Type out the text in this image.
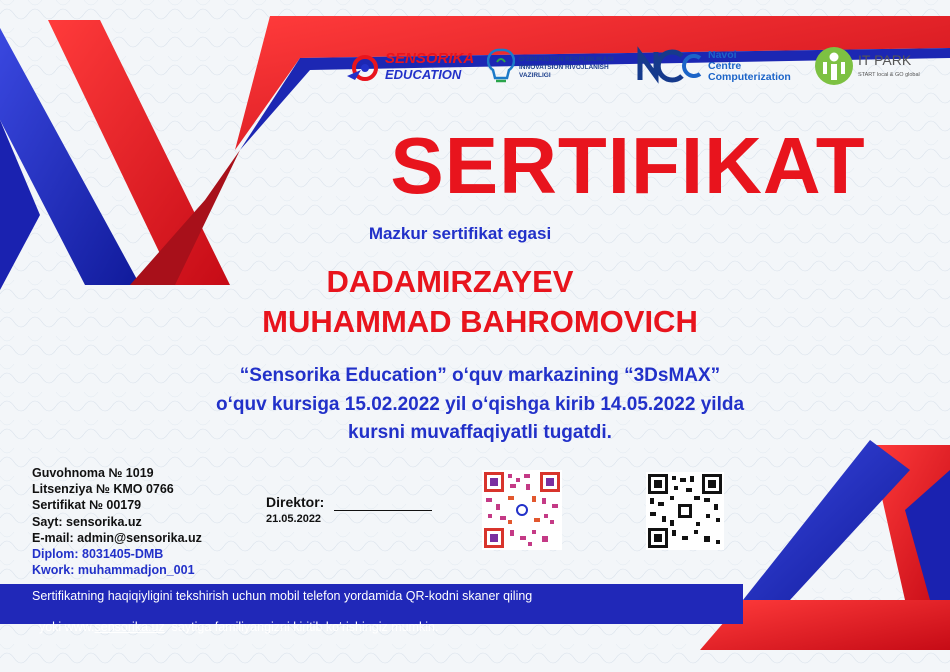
SENSORIKA
EDUCATION
O‘ZBEKISTON RESPUBLIKASI
INNOVATSION RIVOJLANISH
VAZIRLIGI
Navoi
Centre
Computerization
IT PARK
START local & GO global
SERTIFIKAT
Mazkur sertifikat egasi
DADAMIRZAYEV
MUHAMMAD BAHROMOVICH
“Sensorika Education” o‘quv markazining “3DsMAX”
o‘quv kursiga 15.02.2022 yil o‘qishga kirib 14.05.2022 yilda
kursni muvaffaqiyatli tugatdi.
Guvohnoma № 1019
Litsenziya № KMO 0766
Sertifikat № 00179
Sayt: sensorika.uz
E-mail: admin@sensorika.uz
Diplom: 8031405-DMB
Kwork: muhammadjon_001
Direktor:
21.05.2022
Sertifikatning haqiqiyligini tekshirish uchun mobil telefon yordamida QR-kodni skaner qiling

yoki www.sensorika.uz  saytiga familiyangizni kiritib ko‘rishingiz mumkin.
